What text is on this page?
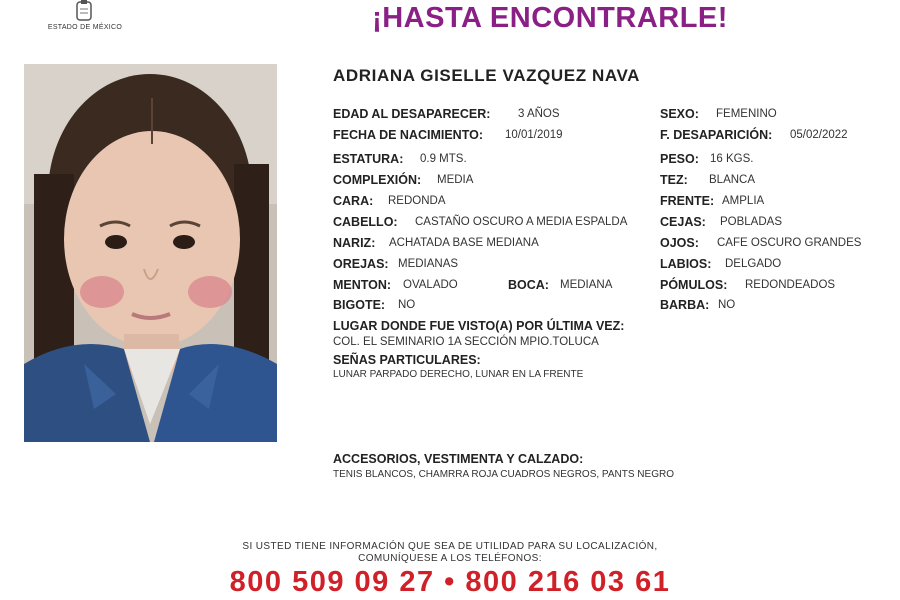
ESTADO DE MÉXICO	¡HASTA ENCONTRARLE!
ADRIANA GISELLE VAZQUEZ NAVA
EDAD AL DESAPARECER: 3 AÑOS
FECHA DE NACIMIENTO: 10/01/2019
ESTATURA: 0.9 MTS.
COMPLEXIÓN: MEDIA
CARA: REDONDA
CABELLO: CASTAÑO OSCURO A MEDIA ESPALDA
NARIZ: ACHATADA BASE MEDIANA
OREJAS: MEDIANAS
MENTON: OVALADO	BOCA: MEDIANA
BIGOTE: NO
SEXO: FEMENINO
F. DESAPARICIÓN: 05/02/2022
PESO: 16 KGS.
TEZ: BLANCA
FRENTE: AMPLIA
CEJAS: POBLADAS
OJOS: CAFE OSCURO GRANDES
LABIOS: DELGADO
PÓMULOS: REDONDEADOS
BARBA: NO
LUGAR DONDE FUE VISTO(A) POR ÚLTIMA VEZ:
COL. EL SEMINARIO 1A SECCIÓN MPIO.TOLUCA
SEÑAS PARTICULARES:
LUNAR PARPADO DERECHO, LUNAR EN LA FRENTE
ACCESORIOS, VESTIMENTA Y CALZADO:
TENIS BLANCOS, CHAMRRA ROJA CUADROS NEGROS, PANTS NEGRO
SI USTED TIENE INFORMACIÓN QUE SEA DE UTILIDAD PARA SU LOCALIZACIÓN,
COMUNÍQUESE A LOS TELÉFONOS:
800 509 09 27 • 800 216 03 61
